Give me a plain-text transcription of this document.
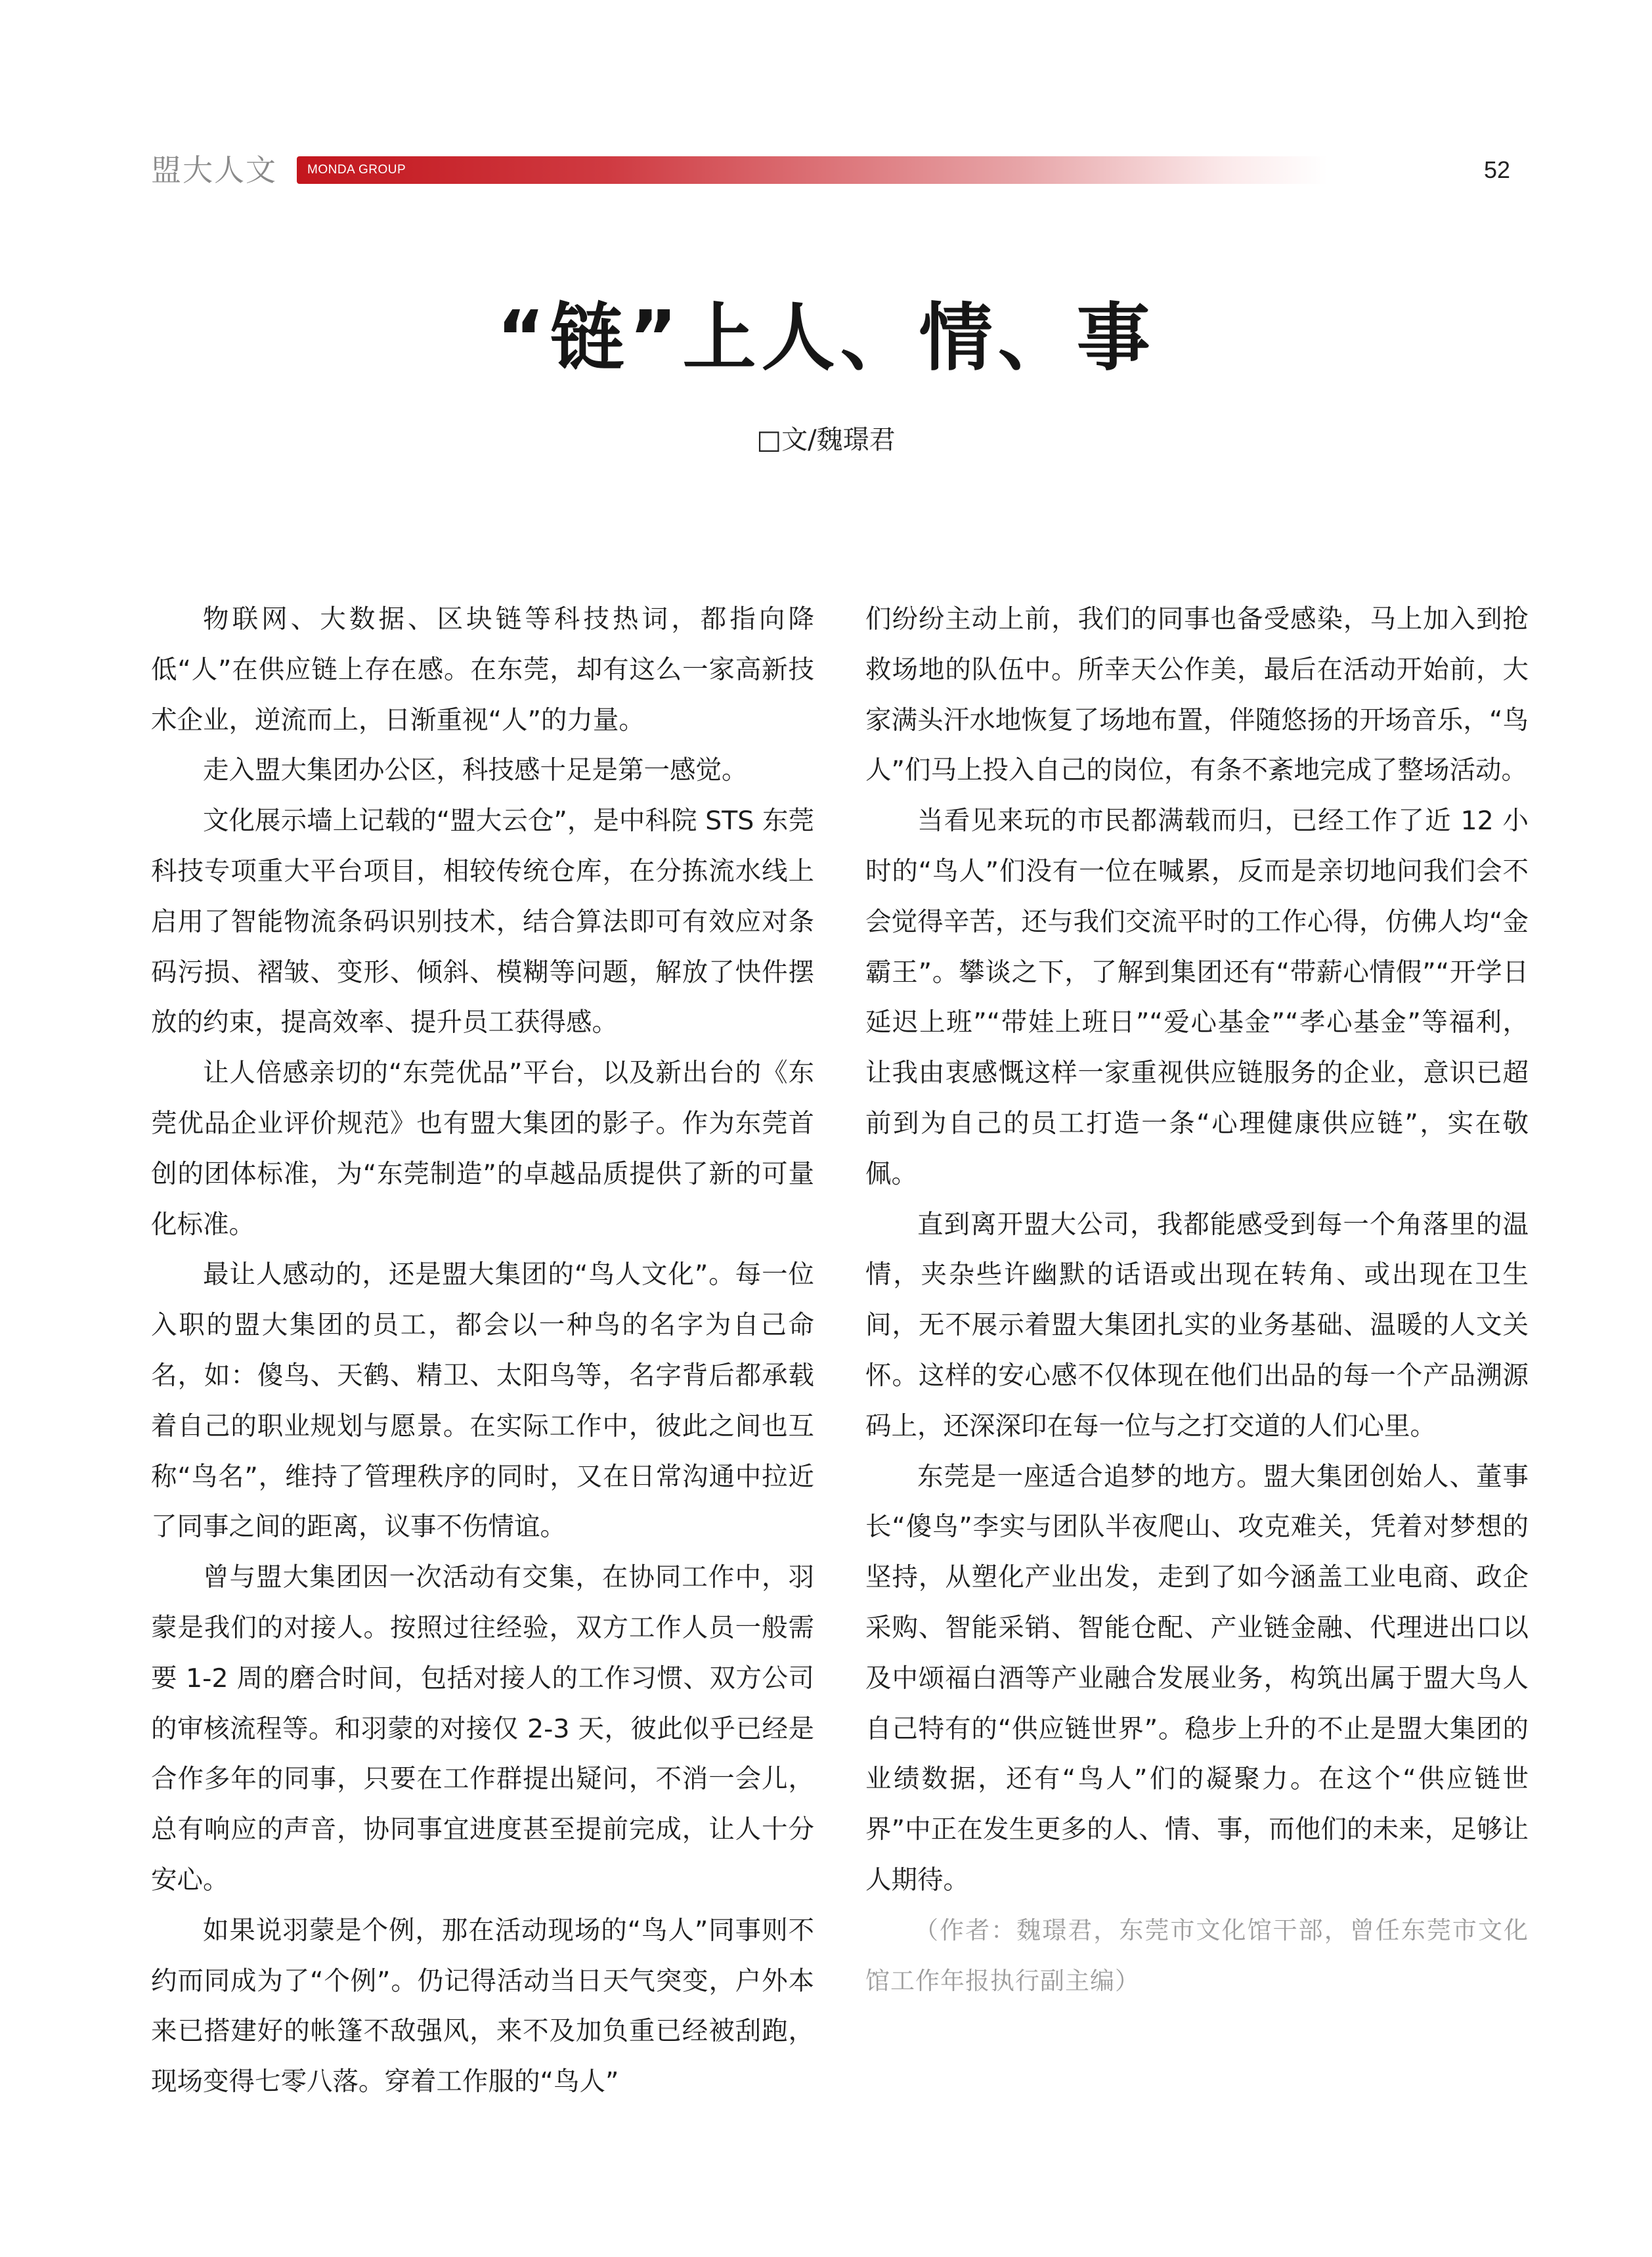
盟大人文 MONDA GROUP	52
“链”上人、情、事
□文/魏璟君

物联网、大数据、区块链等科技热词，都指向降低“人”在供应链上存在感。在东莞，却有这么一家高新技术企业，逆流而上，日渐重视“人”的力量。

走入盟大集团办公区，科技感十足是第一感觉。

文化展示墙上记载的“盟大云仓”，是中科院 STS 东莞科技专项重大平台项目，相较传统仓库，在分拣流水线上启用了智能物流条码识别技术，结合算法即可有效应对条码污损、褶皱、变形、倾斜、模糊等问题，解放了快件摆放的约束，提高效率、提升员工获得感。

让人倍感亲切的“东莞优品”平台，以及新出台的《东莞优品企业评价规范》也有盟大集团的影子。作为东莞首创的团体标准，为“东莞制造”的卓越品质提供了新的可量化标准。

最让人感动的，还是盟大集团的“鸟人文化”。每一位入职的盟大集团的员工，都会以一种鸟的名字为自己命名，如：傻鸟、天鹤、精卫、太阳鸟等，名字背后都承载着自己的职业规划与愿景。在实际工作中，彼此之间也互称“鸟名”，维持了管理秩序的同时，又在日常沟通中拉近了同事之间的距离，议事不伤情谊。

曾与盟大集团因一次活动有交集，在协同工作中，羽蒙是我们的对接人。按照过往经验，双方工作人员一般需要 1-2 周的磨合时间，包括对接人的工作习惯、双方公司的审核流程等。和羽蒙的对接仅 2-3 天，彼此似乎已经是合作多年的同事，只要在工作群提出疑问，不消一会儿，总有响应的声音，协同事宜进度甚至提前完成，让人十分安心。

如果说羽蒙是个例，那在活动现场的“鸟人”同事则不约而同成为了“个例”。仍记得活动当日天气突变，户外本来已搭建好的帐篷不敌强风，来不及加负重已经被刮跑，现场变得七零八落。穿着工作服的“鸟人”

们纷纷主动上前，我们的同事也备受感染，马上加入到抢救场地的队伍中。所幸天公作美，最后在活动开始前，大家满头汗水地恢复了场地布置，伴随悠扬的开场音乐，“鸟人”们马上投入自己的岗位，有条不紊地完成了整场活动。

当看见来玩的市民都满载而归，已经工作了近 12 小时的“鸟人”们没有一位在喊累，反而是亲切地问我们会不会觉得辛苦，还与我们交流平时的工作心得，仿佛人均“金霸王”。攀谈之下，了解到集团还有“带薪心情假”“开学日延迟上班”“带娃上班日”“爱心基金”“孝心基金”等福利，让我由衷感慨这样一家重视供应链服务的企业，意识已超前到为自己的员工打造一条“心理健康供应链”，实在敬佩。

直到离开盟大公司，我都能感受到每一个角落里的温情，夹杂些许幽默的话语或出现在转角、或出现在卫生间，无不展示着盟大集团扎实的业务基础、温暖的人文关怀。这样的安心感不仅体现在他们出品的每一个产品溯源码上，还深深印在每一位与之打交道的人们心里。

东莞是一座适合追梦的地方。盟大集团创始人、董事长“傻鸟”李实与团队半夜爬山、攻克难关，凭着对梦想的坚持，从塑化产业出发，走到了如今涵盖工业电商、政企采购、智能采销、智能仓配、产业链金融、代理进出口以及中颂福白酒等产业融合发展业务，构筑出属于盟大鸟人自己特有的“供应链世界”。稳步上升的不止是盟大集团的业绩数据，还有“鸟人”们的凝聚力。在这个“供应链世界”中正在发生更多的人、情、事，而他们的未来，足够让人期待。

（作者：魏璟君，东莞市文化馆干部，曾任东莞市文化馆工作年报执行副主编）
